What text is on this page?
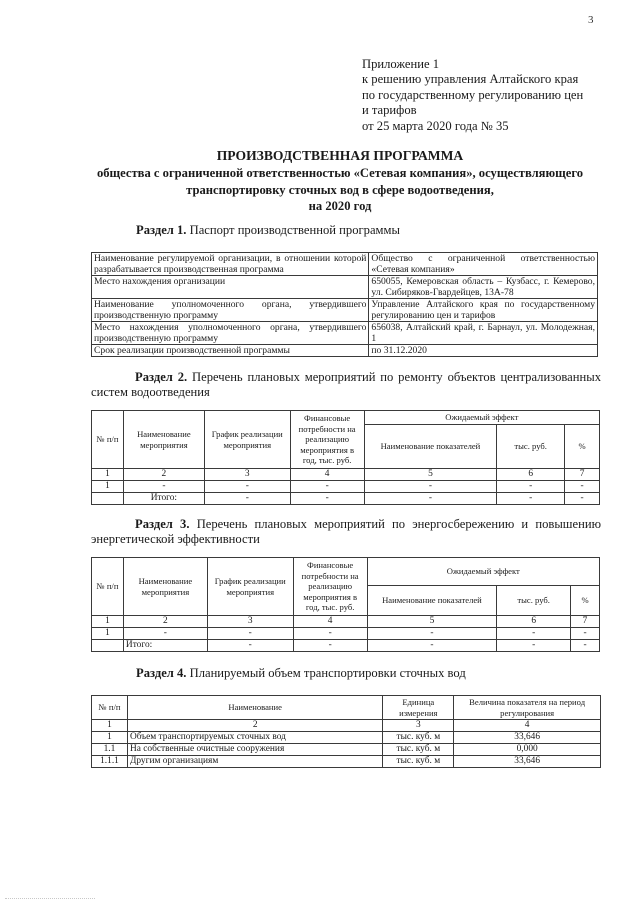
3
Приложение 1
к решению управления Алтайского края
по государственному регулированию цен
и тарифов
от 25 марта 2020 года № 35
ПРОИЗВОДСТВЕННАЯ ПРОГРАММА
общества с ограниченной ответственностью «Сетевая компания», осуществляющего
транспортировку сточных вод в сфере водоотведения,
на 2020 год
Раздел 1. Паспорт производственной программы
Наименование регулируемой организации, в отношении которой разрабатывается производственная программа	Общество с ограниченной ответственностью «Сетевая компания»
Место нахождения организации	650055, Кемеровская область – Кузбасс, г. Кемерово, ул. Сибиряков-Гвардейцев, 13А-78
Наименование уполномоченного органа, утвердившего производственную программу	Управление Алтайского края по государственному регулированию цен и тарифов
Место нахождения уполномоченного органа, утвердившего производственную программу	656038, Алтайский край, г. Барнаул, ул. Молодежная, 1
Срок реализации производственной программы	по 31.12.2020
Раздел 2. Перечень плановых мероприятий по ремонту объектов централизованных систем водоотведения
№ п/п	Наименование мероприятия	График реализации мероприятия	Финансовые потребности на реализацию мероприятия в год, тыс. руб.	Ожидаемый эффект		
				Наименование показателей	тыс. руб.	%
1	2	3	4	5	6	7
1	-	-	-	-	-	-
	Итого:	-	-	-	-	-
Раздел 3. Перечень плановых мероприятий по энергосбережению и повышению энергетической эффективности
№ п/п	Наименование мероприятия	График реализации мероприятия	Финансовые потребности на реализацию мероприятия в год, тыс. руб.	Ожидаемый эффект		
				Наименование показателей	тыс. руб.	%
1	2	3	4	5	6	7
1	-	-	-	-	-	-
	Итого:	-	-	-	-	-
Раздел 4. Планируемый объем транспортировки сточных вод
№ п/п	Наименование	Единица измерения	Величина показателя на период регулирования
1	2	3	4
1	Объем транспортируемых сточных вод	тыс. куб. м	33,646
1.1	На собственные очистные сооружения	тыс. куб. м	0,000
1.1.1	Другим организациям	тыс. куб. м	33,646
